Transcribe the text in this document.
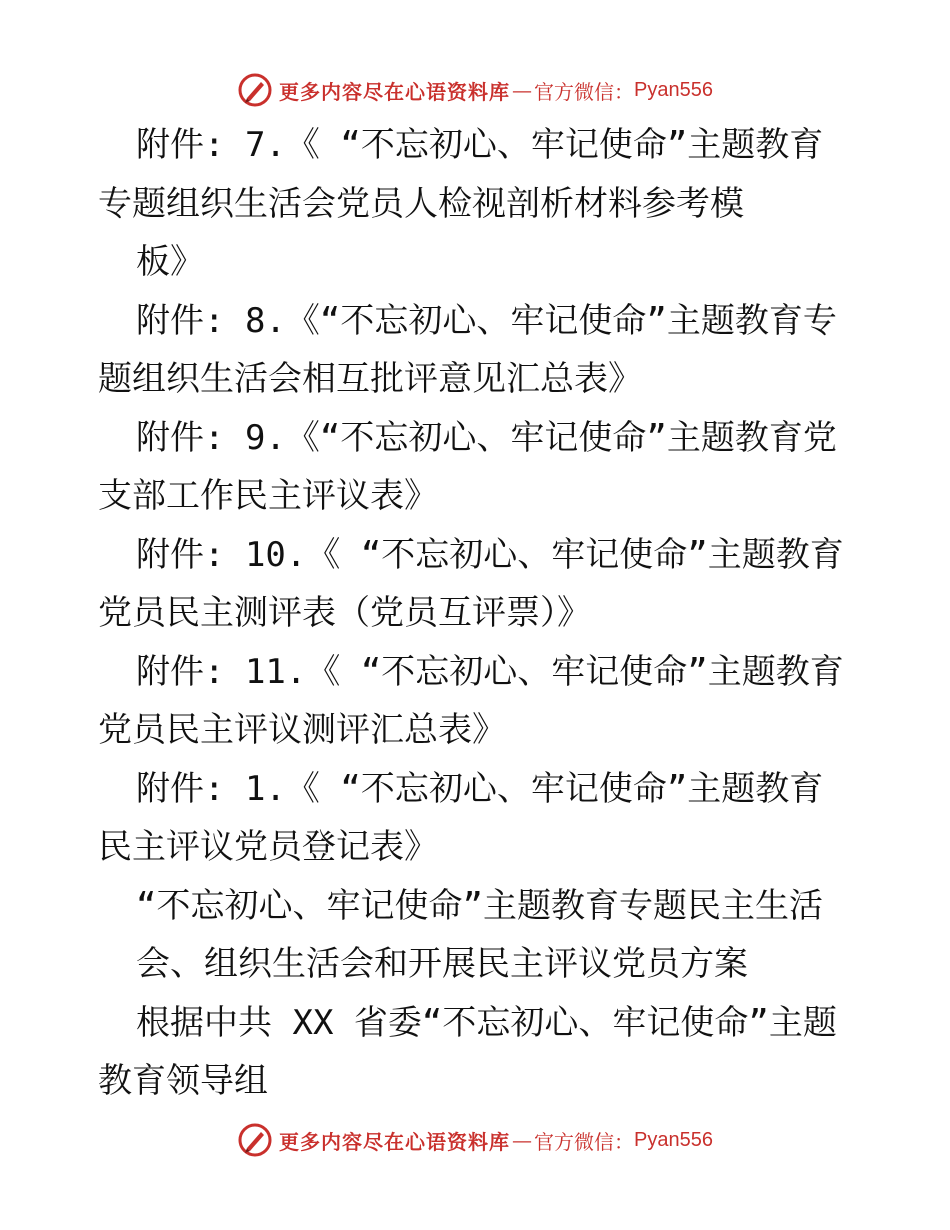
更多内容尽在心语资料库 — 官方微信： Pyan556
附件: 7.《 “不忘初心、牢记使命”主题教育
专题组织生活会党员人检视剖析材料参考模
板》
附件: 8.《“不忘初心、牢记使命”主题教育专
题组织生活会相互批评意见汇总表》
附件: 9.《“不忘初心、牢记使命”主题教育党
支部工作民主评议表》
附件: 10.《 “不忘初心、牢记使命”主题教育
党员民主测评表（党员互评票）》
附件: 11.《 “不忘初心、牢记使命”主题教育
党员民主评议测评汇总表》
附件: 1.《 “不忘初心、牢记使命”主题教育
民主评议党员登记表》
“不忘初心、牢记使命”主题教育专题民主生活
会、组织生活会和开展民主评议党员方案
根据中共 XX 省委“不忘初心、牢记使命”主题
教育领导组
更多内容尽在心语资料库 — 官方微信： Pyan556
